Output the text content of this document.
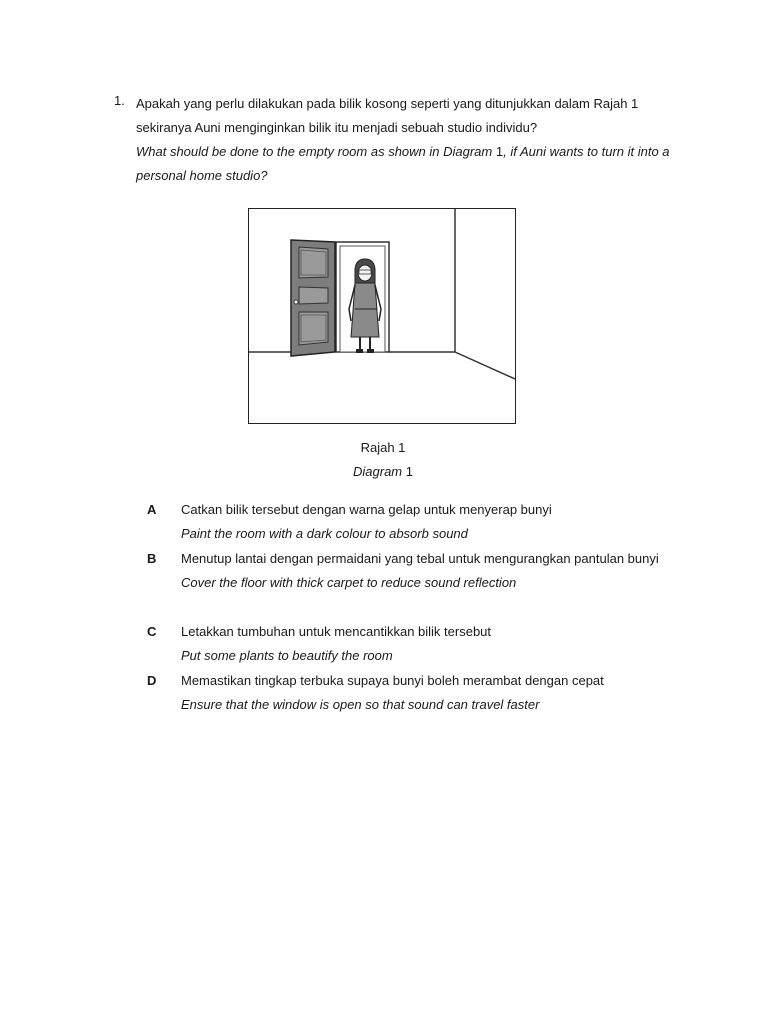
1. Apakah yang perlu dilakukan pada bilik kosong seperti yang ditunjukkan dalam Rajah 1 sekiranya Auni menginginkan bilik itu menjadi sebuah studio individu?
What should be done to the empty room as shown in Diagram 1, if Auni wants to turn it into a personal home studio?
Rajah 1
Diagram 1
A Catkan bilik tersebut dengan warna gelap untuk menyerap bunyi
Paint the room with a dark colour to absorb sound
B Menutup lantai dengan permaidani yang tebal untuk mengurangkan pantulan bunyi
Cover the floor with thick carpet to reduce sound reflection
C Letakkan tumbuhan untuk mencantikkan bilik tersebut
Put some plants to beautify the room
D Memastikan tingkap terbuka supaya bunyi boleh merambat dengan cepat
Ensure that the window is open so that sound can travel faster
